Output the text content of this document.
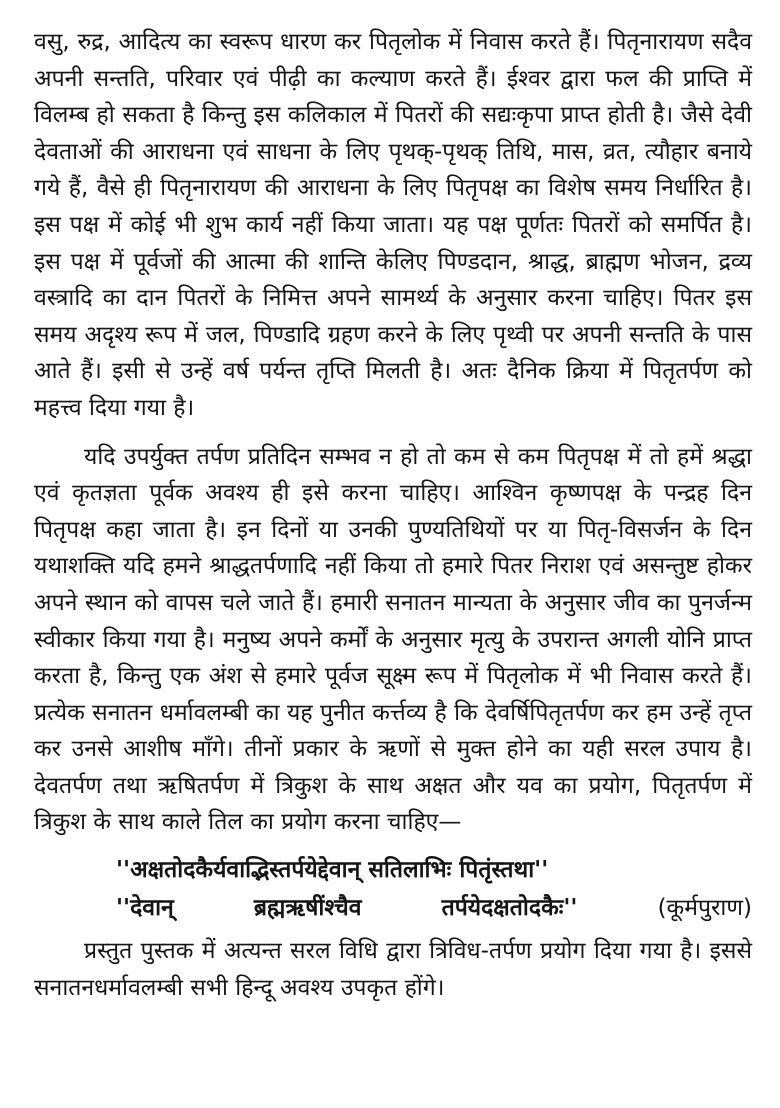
वसु, रुद्र, आदित्य का स्वरूप धारण कर पितृलोक में निवास करते हैं। पितृनारायण सदैव अपनी सन्तति, परिवार एवं पीढ़ी का कल्याण करते हैं। ईश्वर द्वारा फल की प्राप्ति में विलम्ब हो सकता है किन्तु इस कलिकाल में पितरों की सद्यःकृपा प्राप्त होती है। जैसे देवी देवताओं की आराधना एवं साधना के लिए पृथक्-पृथक् तिथि, मास, व्रत, त्यौहार बनाये गये हैं, वैसे ही पितृनारायण की आराधना के लिए पितृपक्ष का विशेष समय निर्धारित है। इस पक्ष में कोई भी शुभ कार्य नहीं किया जाता। यह पक्ष पूर्णतः पितरों को समर्पित है। इस पक्ष में पूर्वजों की आत्मा की शान्ति केलिए पिण्डदान, श्राद्ध, ब्राह्मण भोजन, द्रव्य वस्त्रादि का दान पितरों के निमित्त अपने सामर्थ्य के अनुसार करना चाहिए। पितर इस समय अदृश्य रूप में जल, पिण्डादि ग्रहण करने के लिए पृथ्वी पर अपनी सन्तति के पास आते हैं। इसी से उन्हें वर्ष पर्यन्त तृप्ति मिलती है। अतः दैनिक क्रिया में पितृतर्पण को महत्त्व दिया गया है।

यदि उपर्युक्त तर्पण प्रतिदिन सम्भव न हो तो कम से कम पितृपक्ष में तो हमें श्रद्धा एवं कृतज्ञता पूर्वक अवश्य ही इसे करना चाहिए। आश्विन कृष्णपक्ष के पन्द्रह दिन पितृपक्ष कहा जाता है। इन दिनों या उनकी पुण्यतिथियों पर या पितृ-विसर्जन के दिन यथाशक्ति यदि हमने श्राद्धतर्पणादि नहीं किया तो हमारे पितर निराश एवं असन्तुष्ट होकर अपने स्थान को वापस चले जाते हैं। हमारी सनातन मान्यता के अनुसार जीव का पुनर्जन्म स्वीकार किया गया है। मनुष्य अपने कर्मों के अनुसार मृत्यु के उपरान्त अगली योनि प्राप्त करता है, किन्तु एक अंश से हमारे पूर्वज सूक्ष्म रूप में पितृलोक में भी निवास करते हैं। प्रत्येक सनातन धर्मावलम्बी का यह पुनीत कर्त्तव्य है कि देवर्षिपितृतर्पण कर हम उन्हें तृप्त कर उनसे आशीष माँगे। तीनों प्रकार के ऋणों से मुक्त होने का यही सरल उपाय है। देवतर्पण तथा ऋषितर्पण में त्रिकुश के साथ अक्षत और यव का प्रयोग, पितृतर्पण में त्रिकुश के साथ काले तिल का प्रयोग करना चाहिए—

''अक्षतोदकैर्यवाद्भिस्तर्पयेद्देवान् सतिलाभिः पितृंस्तथा''
''देवान्	ब्रह्मऋषींश्चैव	तर्पयेदक्षतोदकैः''	(कूर्मपुराण)

प्रस्तुत पुस्तक में अत्यन्त सरल विधि द्वारा त्रिविध-तर्पण प्रयोग दिया गया है। इससे सनातनधर्मावलम्बी सभी हिन्दू अवश्य उपकृत होंगे।
